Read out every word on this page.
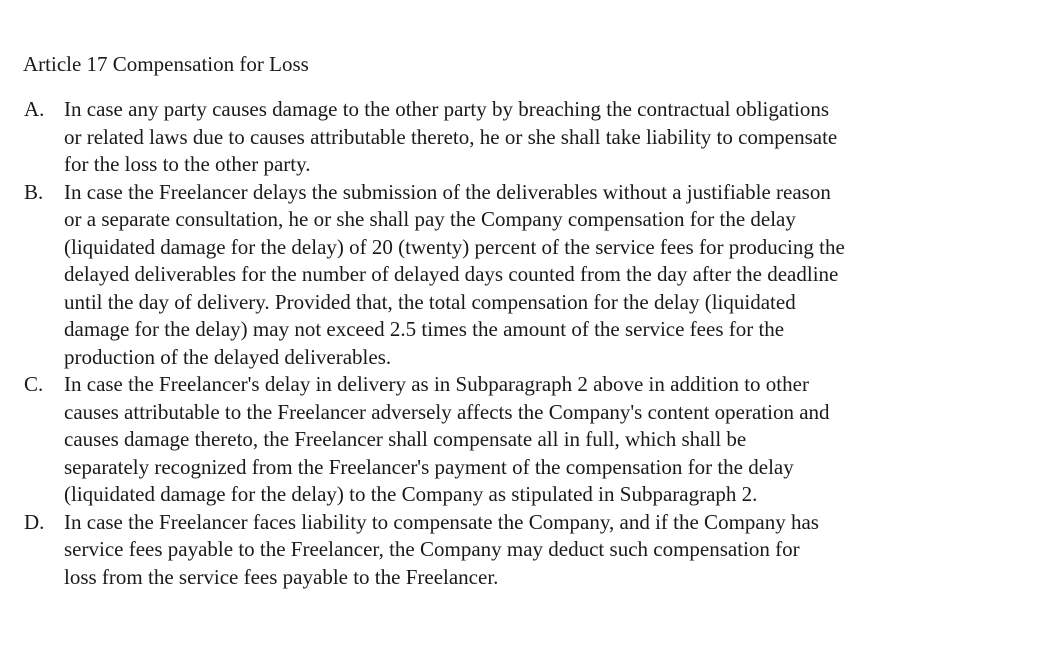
Article 17 Compensation for Loss
A. In case any party causes damage to the other party by breaching the contractual obligations
or related laws due to causes attributable thereto, he or she shall take liability to compensate
for the loss to the other party.
B. In case the Freelancer delays the submission of the deliverables without a justifiable reason
or a separate consultation, he or she shall pay the Company compensation for the delay
(liquidated damage for the delay) of 20 (twenty) percent of the service fees for producing the
delayed deliverables for the number of delayed days counted from the day after the deadline
until the day of delivery. Provided that, the total compensation for the delay (liquidated
damage for the delay) may not exceed 2.5 times the amount of the service fees for the
production of the delayed deliverables.
C. In case the Freelancer's delay in delivery as in Subparagraph 2 above in addition to other
causes attributable to the Freelancer adversely affects the Company's content operation and
causes damage thereto, the Freelancer shall compensate all in full, which shall be
separately recognized from the Freelancer's payment of the compensation for the delay
(liquidated damage for the delay) to the Company as stipulated in Subparagraph 2.
D. In case the Freelancer faces liability to compensate the Company, and if the Company has
service fees payable to the Freelancer, the Company may deduct such compensation for
loss from the service fees payable to the Freelancer.
